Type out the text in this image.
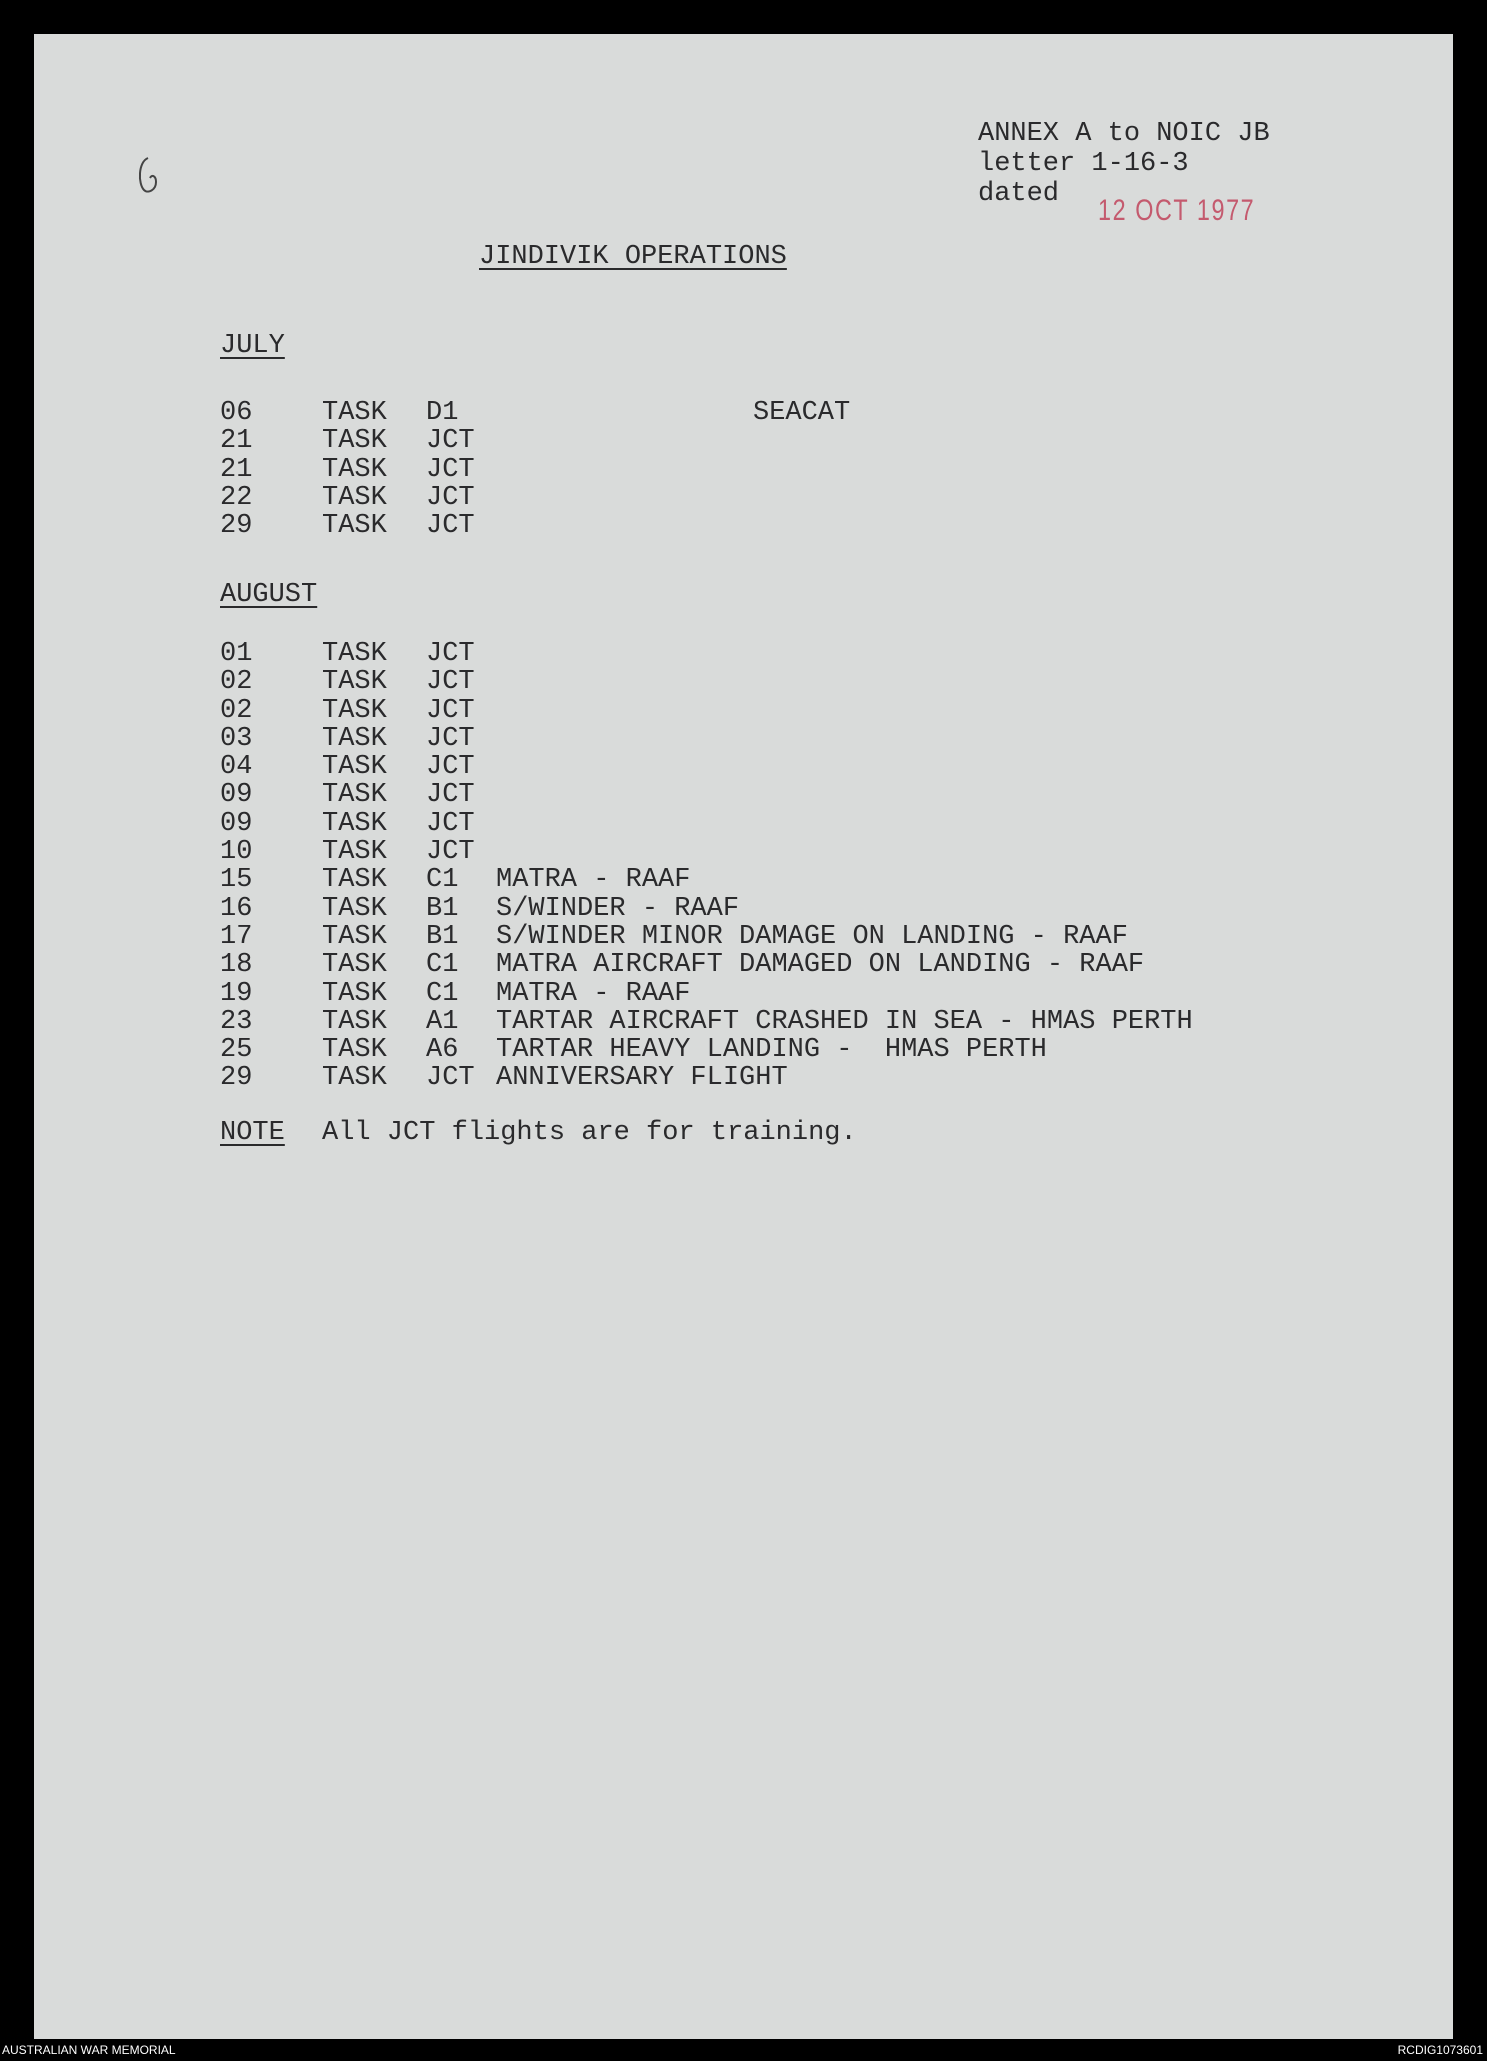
ANNEX A to NOIC JB
letter 1-16-3
dated	12 OCT 1977
JINDIVIK OPERATIONS
JULY
06	TASK D1	SEACAT
21	TASK JCT
21	TASK JCT
22	TASK JCT
29	TASK JCT
AUGUST
01	TASK JCT
02	TASK JCT
02	TASK JCT
03	TASK JCT
04	TASK JCT
09	TASK JCT
09	TASK JCT
10	TASK JCT
15	TASK C1 MATRA - RAAF
16	TASK B1 S/WINDER - RAAF
17	TASK B1 S/WINDER MINOR DAMAGE ON LANDING - RAAF
18	TASK C1 MATRA AIRCRAFT DAMAGED ON LANDING - RAAF
19	TASK C1 MATRA - RAAF
23	TASK A1 TARTAR AIRCRAFT CRASHED IN SEA - HMAS PERTH
25	TASK A6 TARTAR HEAVY LANDING -  HMAS PERTH
29	TASK JCT ANNIVERSARY FLIGHT
NOTE All JCT flights are for training.
AUSTRALIAN WAR MEMORIAL	RCDIG1073601
